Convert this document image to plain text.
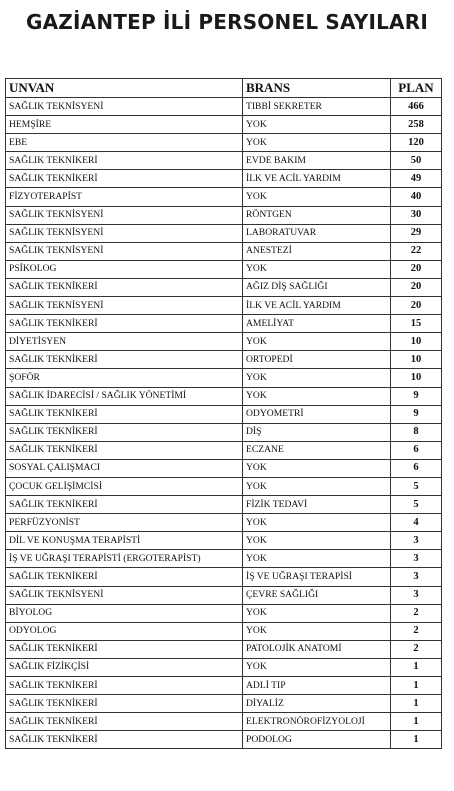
GAZİANTEP İLİ PERSONEL SAYILARI
UNVAN	BRANS	PLAN
SAĞLIK TEKNİSYENİ	TIBBİ SEKRETER	466
HEMŞİRE	YOK	258
EBE	YOK	120
SAĞLIK TEKNİKERİ	EVDE BAKIM	50
SAĞLIK TEKNİKERİ	İLK VE ACİL YARDIM	49
FİZYOTERAPİST	YOK	40
SAĞLIK TEKNİSYENİ	RÖNTGEN	30
SAĞLIK TEKNİSYENİ	LABORATUVAR	29
SAĞLIK TEKNİSYENİ	ANESTEZİ	22
PSİKOLOG	YOK	20
SAĞLIK TEKNİKERİ	AĞIZ DİŞ SAĞLIĞI	20
SAĞLIK TEKNİSYENİ	İLK VE ACİL YARDIM	20
SAĞLIK TEKNİKERİ	AMELİYAT	15
DİYETİSYEN	YOK	10
SAĞLIK TEKNİKERİ	ORTOPEDİ	10
ŞOFÖR	YOK	10
SAĞLIK İDARECİSİ / SAĞLIK YÖNETİMİ	YOK	9
SAĞLIK TEKNİKERİ	ODYOMETRİ	9
SAĞLIK TEKNİKERİ	DİŞ	8
SAĞLIK TEKNİKERİ	ECZANE	6
SOSYAL ÇALIŞMACI	YOK	6
ÇOCUK GELİŞİMCİSİ	YOK	5
SAĞLIK TEKNİKERİ	FİZİK TEDAVİ	5
PERFÜZYONİST	YOK	4
DİL VE KONUŞMA TERAPİSTİ	YOK	3
İŞ VE UĞRAŞI TERAPİSTİ (ERGOTERAPİST)	YOK	3
SAĞLIK TEKNİKERİ	İŞ VE UĞRAŞI TERAPİSİ	3
SAĞLIK TEKNİSYENİ	ÇEVRE SAĞLIĞI	3
BİYOLOG	YOK	2
ODYOLOG	YOK	2
SAĞLIK TEKNİKERİ	PATOLOJİK ANATOMİ	2
SAĞLIK FİZİKÇİSİ	YOK	1
SAĞLIK TEKNİKERİ	ADLİ TIP	1
SAĞLIK TEKNİKERİ	DİYALİZ	1
SAĞLIK TEKNİKERİ	ELEKTRONÖROFİZYOLOJİ	1
SAĞLIK TEKNİKERİ	PODOLOG	1
